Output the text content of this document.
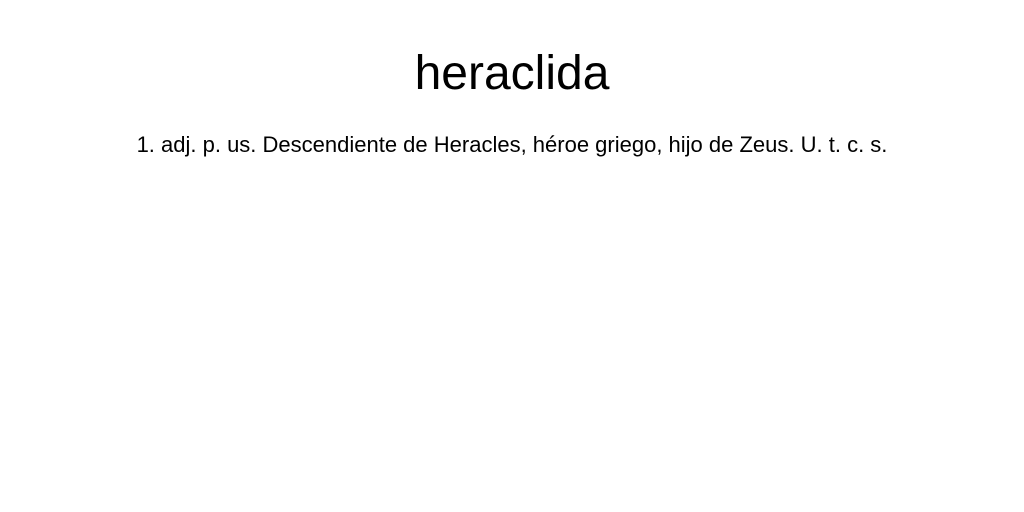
heraclida

1. adj. p. us. Descendiente de Heracles, héroe griego, hijo de Zeus. U. t. c. s.
